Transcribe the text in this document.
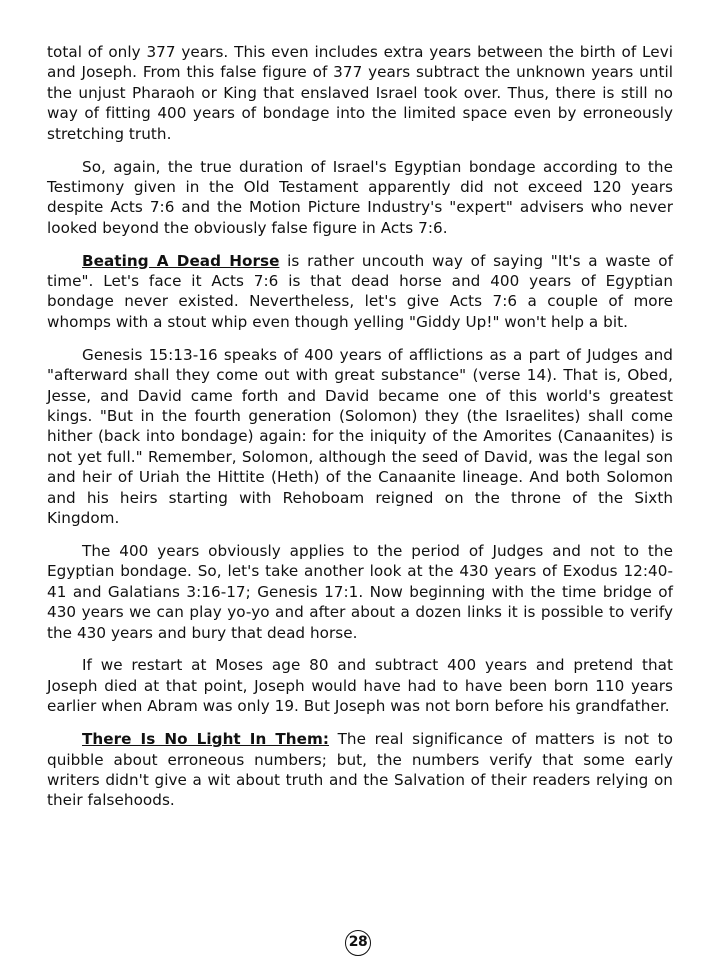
total of only 377 years. This even includes extra years between the birth of Levi and Joseph. From this false figure of 377 years subtract the unknown years until the unjust Pharaoh or King that enslaved Israel took over. Thus, there is still no way of fitting 400 years of bondage into the limited space even by erroneously stretching truth.

So, again, the true duration of Israel's Egyptian bondage according to the Testimony given in the Old Testament apparently did not exceed 120 years despite Acts 7:6 and the Motion Picture Industry's "expert" advisers who never looked beyond the obviously false figure in Acts 7:6.

Beating A Dead Horse is rather uncouth way of saying "It's a waste of time". Let's face it Acts 7:6 is that dead horse and 400 years of Egyptian bondage never existed. Nevertheless, let's give Acts 7:6 a couple of more whomps with a stout whip even though yelling "Giddy Up!" won't help a bit.

Genesis 15:13-16 speaks of 400 years of afflictions as a part of Judges and "afterward shall they come out with great substance" (verse 14). That is, Obed, Jesse, and David came forth and David became one of this world's greatest kings. "But in the fourth generation (Solomon) they (the Israelites) shall come hither (back into bondage) again: for the iniquity of the Amorites (Canaanites) is not yet full." Remember, Solomon, although the seed of David, was the legal son and heir of Uriah the Hittite (Heth) of the Canaanite lineage. And both Solomon and his heirs starting with Rehoboam reigned on the throne of the Sixth Kingdom.

The 400 years obviously applies to the period of Judges and not to the Egyptian bondage. So, let's take another look at the 430 years of Exodus 12:40-41 and Galatians 3:16-17; Genesis 17:1. Now beginning with the time bridge of 430 years we can play yo-yo and after about a dozen links it is possible to verify the 430 years and bury that dead horse.

If we restart at Moses age 80 and subtract 400 years and pretend that Joseph died at that point, Joseph would have had to have been born 110 years earlier when Abram was only 19. But Joseph was not born before his grandfather.

There Is No Light In Them: The real significance of matters is not to quibble about erroneous numbers; but, the numbers verify that some early writers didn't give a wit about truth and the Salvation of their readers relying on their falsehoods.

28
